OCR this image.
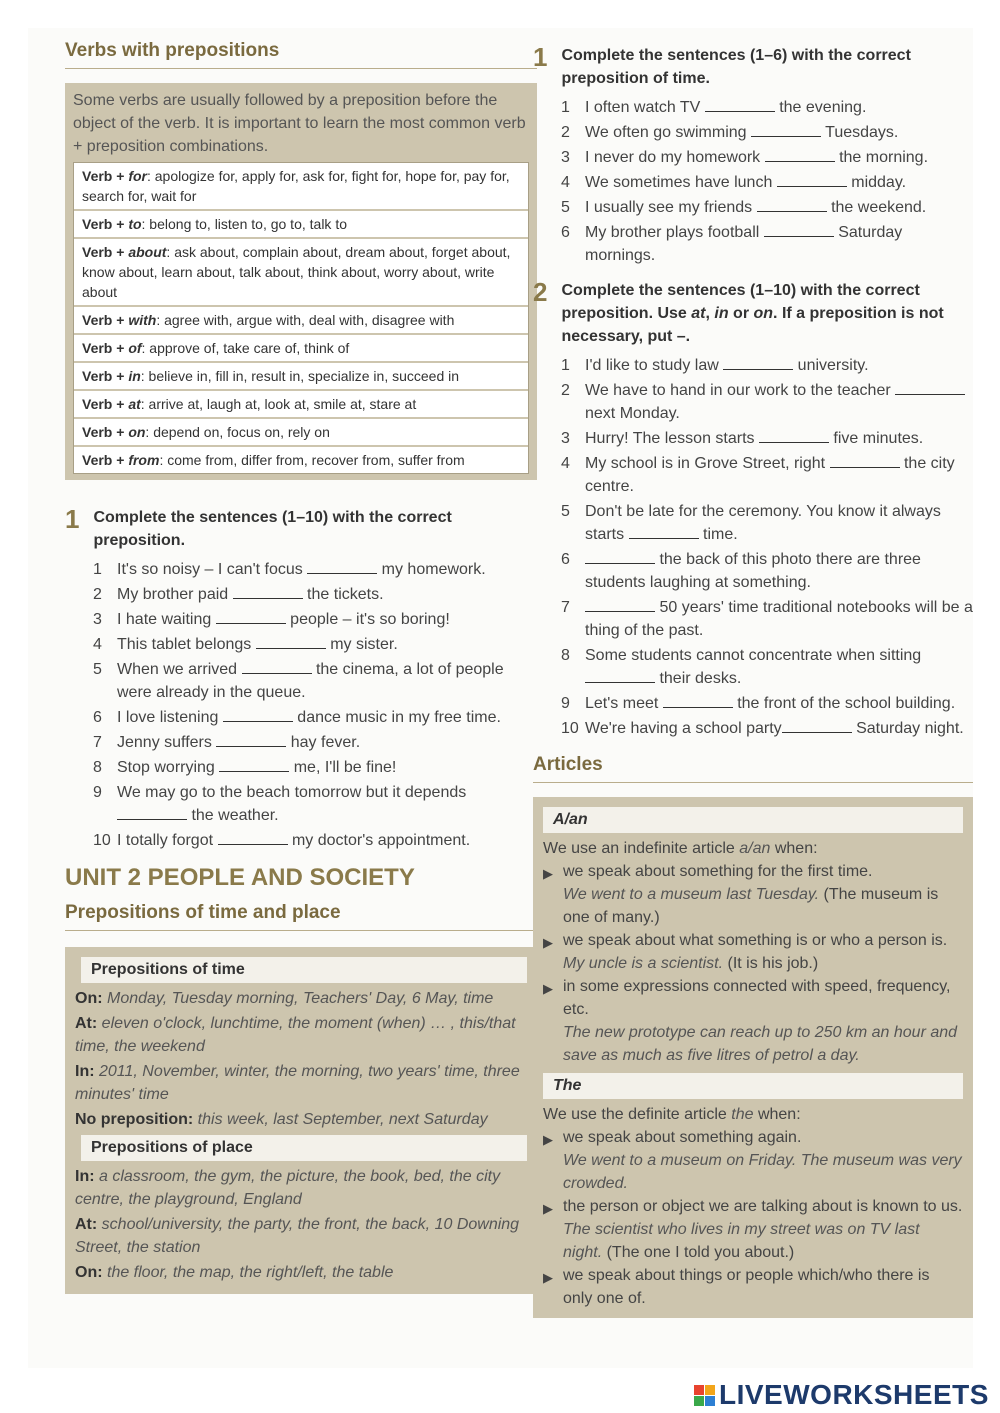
Verbs with prepositions
Some verbs are usually followed by a preposition before the object of the verb. It is important to learn the most common verb + preposition combinations.
Verb + for: apologize for, apply for, ask for, fight for, hope for, pay for, search for, wait for
Verb + to: belong to, listen to, go to, talk to
Verb + about: ask about, complain about, dream about, forget about, know about, learn about, talk about, think about, worry about, write about
Verb + with: agree with, argue with, deal with, disagree with
Verb + of: approve of, take care of, think of
Verb + in: believe in, fill in, result in, specialize in, succeed in
Verb + at: arrive at, laugh at, look at, smile at, stare at
Verb + on: depend on, focus on, rely on
Verb + from: come from, differ from, recover from, suffer from
1 Complete the sentences (1–10) with the correct preposition.
1 It's so noisy – I can't focus	my homework.
2 My brother paid	the tickets.
3 I hate waiting	people – it's so boring!
4 This tablet belongs	my sister.
5 When we arrived	the cinema, a lot of people were already in the queue.
6 I love listening	dance music in my free time.
7 Jenny suffers	hay fever.
8 Stop worrying	me, I'll be fine!
9 We may go to the beach tomorrow but it depends  the weather.
10 I totally forgot	my doctor's appointment.
UNIT 2 PEOPLE AND SOCIETY
Prepositions of time and place
Prepositions of time
On: Monday, Tuesday morning, Teachers' Day, 6 May, time
At: eleven o'clock, lunchtime, the moment (when) … , this/that time, the weekend
In: 2011, November, winter, the morning, two years' time, three minutes' time
No preposition: this week, last September, next Saturday
Prepositions of place
In: a classroom, the gym, the picture, the book, bed, the city centre, the playground, England
At: school/university, the party, the front, the back, 10 Downing Street, the station
On: the floor, the map, the right/left, the table
1 Complete the sentences (1–6) with the correct preposition of time.
1 I often watch TV	the evening.
2 We often go swimming	Tuesdays.
3 I never do my homework	the morning.
4 We sometimes have lunch	midday.
5 I usually see my friends	the weekend.
6 My brother plays football	Saturday mornings.
2 Complete the sentences (1–10) with the correct preposition. Use at, in or on. If a preposition is not necessary, put –.
1 I'd like to study law	university.
2 We have to hand in our work to the teacher  next Monday.
3 Hurry! The lesson starts	five minutes.
4 My school is in Grove Street, right	the city centre.
5 Don't be late for the ceremony. You know it always starts	time.
6	the back of this photo there are three students laughing at something.
7	50 years' time traditional notebooks will be a thing of the past.
8 Some students cannot concentrate when sitting  their desks.
9 Let's meet	the front of the school building.
10 We're having a school party	Saturday night.
Articles
A/an
We use an indefinite article a/an when:
▶ we speak about something for the first time.
We went to a museum last Tuesday. (The museum is one of many.)
▶ we speak about what something is or who a person is.
My uncle is a scientist. (It is his job.)
▶ in some expressions connected with speed, frequency, etc.
The new prototype can reach up to 250 km an hour and save as much as five litres of petrol a day.
The
We use the definite article the when:
▶ we speak about something again.
We went to a museum on Friday. The museum was very crowded.
▶ the person or object we are talking about is known to us.
The scientist who lives in my street was on TV last night. (The one I told you about.)
▶ we speak about things or people which/who there is only one of.
LIVEWORKSHEETS
